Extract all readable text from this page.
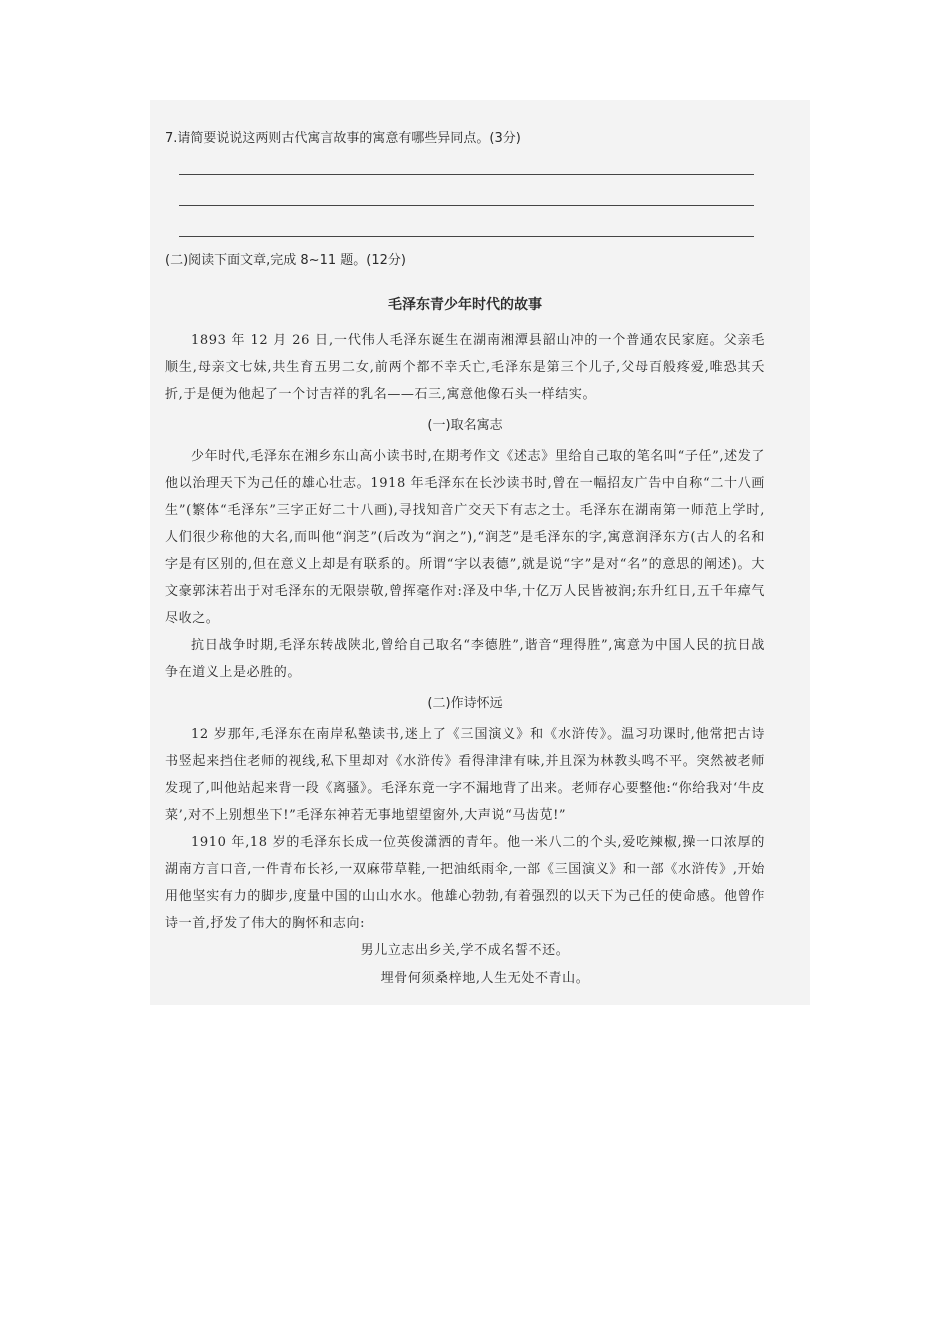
7.请简要说说这两则古代寓言故事的寓意有哪些异同点。(3分)

(二)阅读下面文章,完成 8~11 题。(12分)

毛泽东青少年时代的故事

1893 年 12 月 26 日,一代伟人毛泽东诞生在湖南湘潭县韶山冲的一个普通农民家庭。父亲毛顺生,母亲文七妹,共生育五男二女,前两个都不幸夭亡,毛泽东是第三个儿子,父母百般疼爱,唯恐其夭折,于是便为他起了一个讨吉祥的乳名——石三,寓意他像石头一样结实。

(一)取名寓志

少年时代,毛泽东在湘乡东山高小读书时,在期考作文《述志》里给自己取的笔名叫“子任”,述发了他以治理天下为己任的雄心壮志。1918 年毛泽东在长沙读书时,曾在一幅招友广告中自称“二十八画生”(繁体“毛泽东”三字正好二十八画),寻找知音广交天下有志之士。毛泽东在湖南第一师范上学时,人们很少称他的大名,而叫他“润芝”(后改为“润之”),“润芝”是毛泽东的字,寓意润泽东方(古人的名和字是有区别的,但在意义上却是有联系的。所谓“字以表德”,就是说“字”是对“名”的意思的阐述)。大文豪郭沫若出于对毛泽东的无限崇敬,曾挥毫作对:泽及中华,十亿万人民皆被润;东升红日,五千年瘴气尽收之。

抗日战争时期,毛泽东转战陕北,曾给自己取名“李德胜”,谐音“理得胜”,寓意为中国人民的抗日战争在道义上是必胜的。

(二)作诗怀远

12 岁那年,毛泽东在南岸私塾读书,迷上了《三国演义》和《水浒传》。温习功课时,他常把古诗书竖起来挡住老师的视线,私下里却对《水浒传》看得津津有味,并且深为林教头鸣不平。突然被老师发现了,叫他站起来背一段《离骚》。毛泽东竟一字不漏地背了出来。老师存心要整他:“你给我对‘牛皮菜’,对不上别想坐下!”毛泽东神若无事地望望窗外,大声说“马齿苋!”

1910 年,18 岁的毛泽东长成一位英俊潇洒的青年。他一米八二的个头,爱吃辣椒,操一口浓厚的湖南方言口音,一件青布长衫,一双麻带草鞋,一把油纸雨伞,一部《三国演义》和一部《水浒传》,开始用他坚实有力的脚步,度量中国的山山水水。他雄心勃勃,有着强烈的以天下为己任的使命感。他曾作诗一首,抒发了伟大的胸怀和志向:

男儿立志出乡关,学不成名誓不还。

埋骨何须桑梓地,人生无处不青山。
